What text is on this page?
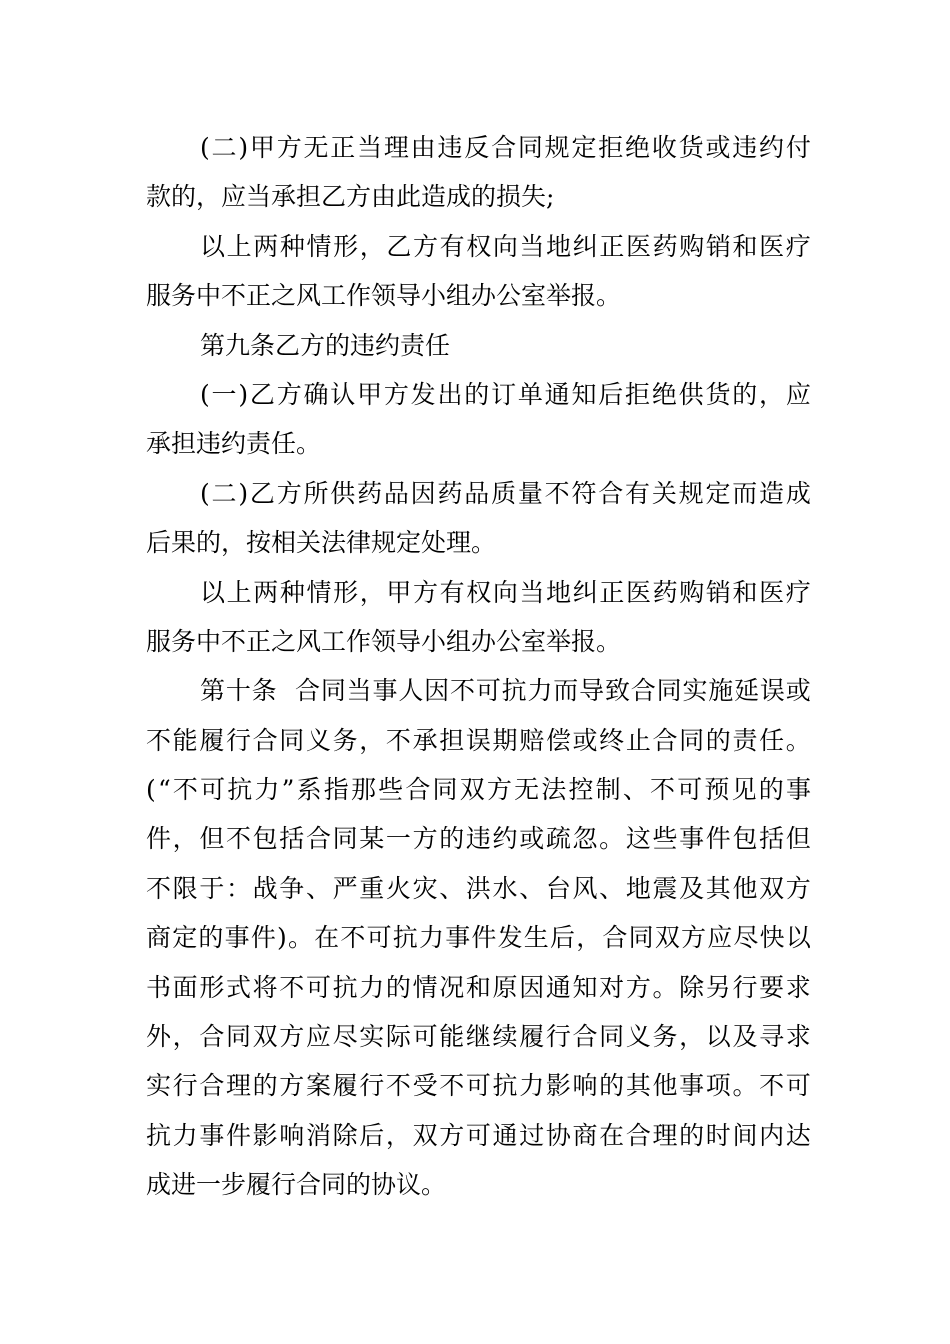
( 二 ) 甲 方 无 正 当 理 由 违 反 合 同 规 定 拒 绝 收 货 或 违 约 付
款的，应当承担乙方由此造成的损失;
以 上 两 种 情 形 ， 乙 方 有 权 向 当 地 纠 正 医 药 购 销 和 医 疗
服务中不正之风工作领导小组办公室举报。
第九条乙方的违约责任
( 一 ) 乙 方 确 认 甲 方 发 出 的 订 单 通 知 后 拒 绝 供 货 的 ， 应
承担违约责任。
( 二 ) 乙 方 所 供 药 品 因 药 品 质 量 不 符 合 有 关 规 定 而 造 成
后果的，按相关法律规定处理。
以 上 两 种 情 形 ， 甲 方 有 权 向 当 地 纠 正 医 药 购 销 和 医 疗
服务中不正之风工作领导小组办公室举报。
第 十 条

合 同 当 事 人 因 不 可 抗 力 而 导 致 合 同 实 施 延 误 或
不 能 履 行 合 同 义 务 ， 不 承 担 误 期 赔 偿 或 终 止 合 同 的 责 任 。
( “ 不 可 抗 力 ” 系 指 那 些 合 同 双 方 无 法 控 制 、 不 可 预 见 的 事
件 ， 但 不 包 括 合 同 某 一 方 的 违 约 或 疏 忽 。 这 些 事 件 包 括 但
不 限 于 ： 战 争 、 严 重 火 灾 、 洪 水 、 台 风 、 地 震 及 其 他 双 方
商 定 的 事 件 ) 。 在 不 可 抗 力 事 件 发 生 后 ， 合 同 双 方 应 尽 快 以
书 面 形 式 将 不 可 抗 力 的 情 况 和 原 因 通 知 对 方 。 除 另 行 要 求
外 ， 合 同 双 方 应 尽 实 际 可 能 继 续 履 行 合 同 义 务 ， 以 及 寻 求
实 行 合 理 的 方 案 履 行 不 受 不 可 抗 力 影 响 的 其 他 事 项 。 不 可
抗 力 事 件 影 响 消 除 后 ， 双 方 可 通 过 协 商 在 合 理 的 时 间 内 达
成进一步履行合同的协议。
